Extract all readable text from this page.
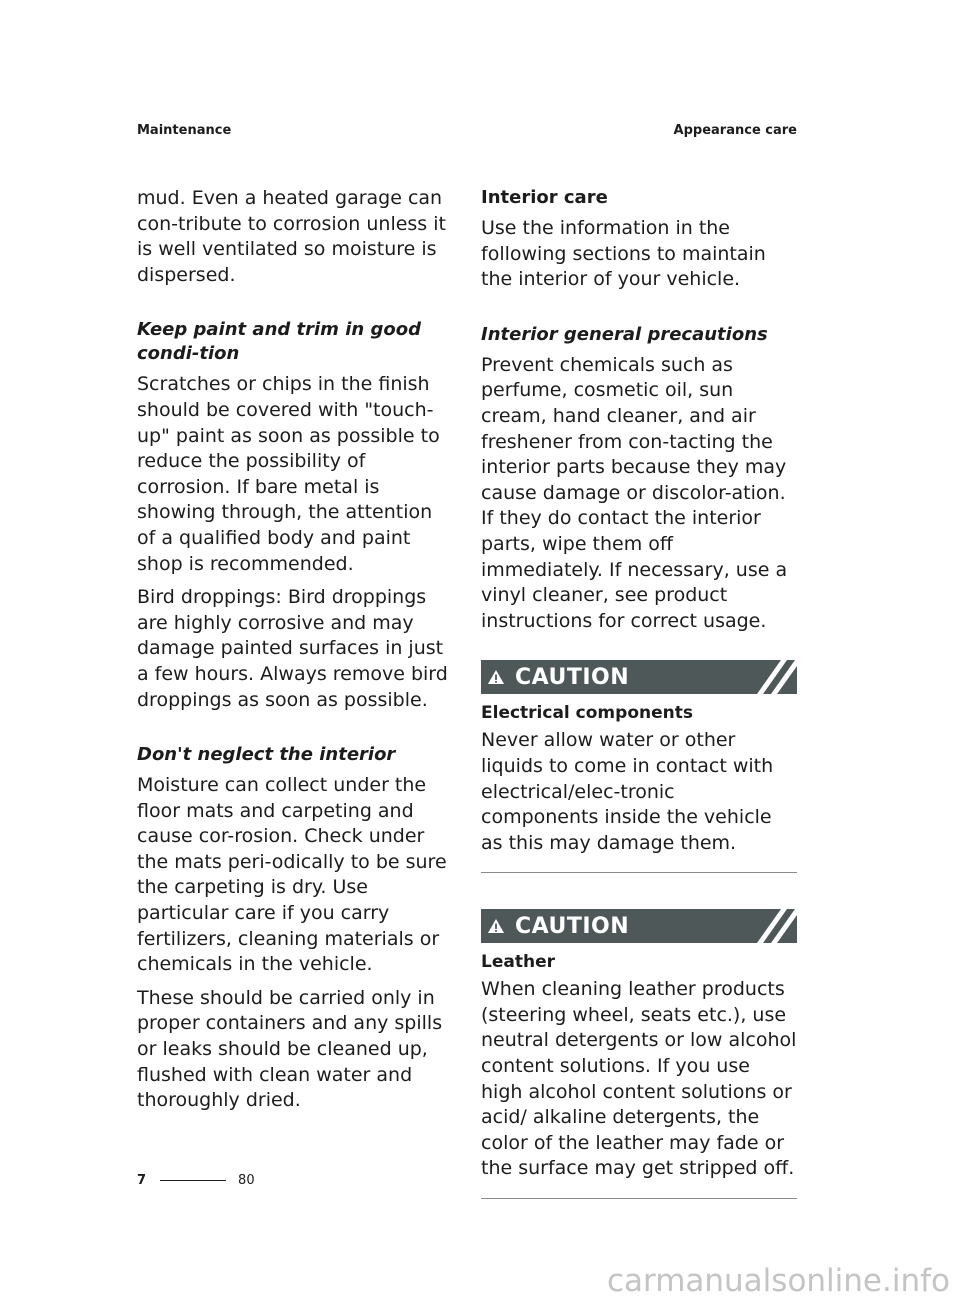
Maintenance	Appearance care

mud. Even a heated garage can con-tribute to corrosion unless it is well ventilated so moisture is dispersed.

Keep paint and trim in good condi-tion

Scratches or chips in the finish should be covered with "touch-up" paint as soon as possible to reduce the possibility of corrosion. If bare metal is showing through, the attention of a qualified body and paint shop is recommended.

Bird droppings: Bird droppings are highly corrosive and may damage painted surfaces in just a few hours. Always remove bird droppings as soon as possible.

Don't neglect the interior

Moisture can collect under the floor mats and carpeting and cause cor-rosion. Check under the mats peri-odically to be sure the carpeting is dry. Use particular care if you carry fertilizers, cleaning materials or chemicals in the vehicle.

These should be carried only in proper containers and any spills or leaks should be cleaned up, flushed with clean water and thoroughly dried.

Interior care

Use the information in the following sections to maintain the interior of your vehicle.

Interior general precautions

Prevent chemicals such as perfume, cosmetic oil, sun cream, hand cleaner, and air freshener from con-tacting the interior parts because they may cause damage or discolor-ation. If they do contact the interior parts, wipe them off immediately. If necessary, use a vinyl cleaner, see product instructions for correct usage.

CAUTION
Electrical components

Never allow water or other liquids to come in contact with electrical/elec-tronic components inside the vehicle as this may damage them.

CAUTION
Leather

When cleaning leather products (steering wheel, seats etc.), use neutral detergents or low alcohol content solutions. If you use high alcohol content solutions or acid/ alkaline detergents, the color of the leather may fade or the surface may get stripped off.

7	80
carmanualsonline.info
